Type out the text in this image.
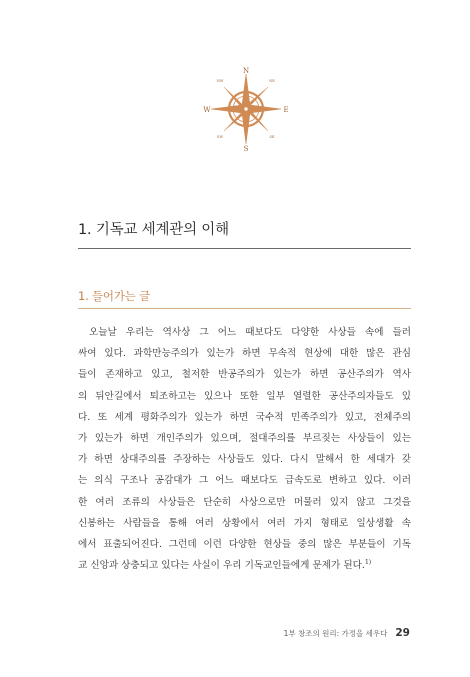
N
S
E
W
NW	NE
SW	SE
1. 기독교 세계관의 이해
1. 들어가는 글
오늘날 우리는 역사상 그 어느 때보다도 다양한 사상들 속에 들러
싸여 있다. 과학만능주의가 있는가 하면 무속적 현상에 대한 많은 관심
들이 존재하고 있고, 철저한 반공주의가 있는가 하면 공산주의가 역사
의 뒤안길에서 퇴조하고는 있으나 또한 일부 열렬한 공산주의자들도 있
다. 또 세계 평화주의가 있는가 하면 국수적 민족주의가 있고, 전체주의
가 있는가 하면 개인주의가 있으며, 절대주의를 부르짖는 사상들이 있는
가 하면 상대주의를 주장하는 사상들도 있다. 다시 말해서 한 세대가 갖
는 의식 구조나 공감대가 그 어느 때보다도 급속도로 변하고 있다. 이러
한 여러 조류의 사상들은 단순히 사상으로만 머물러 있지 않고 그것을
신봉하는 사람들을 통해 여러 상황에서 여러 가지 형태로 일상생활 속
에서 표출되어진다. 그런데 이런 다양한 현상들 중의 많은 부분들이 기독
교 신앙과 상충되고 있다는 사실이 우리 기독교인들에게 문제가 된다.$^{1)}$
1부 창조의 원리: 가정을 세우다 29
